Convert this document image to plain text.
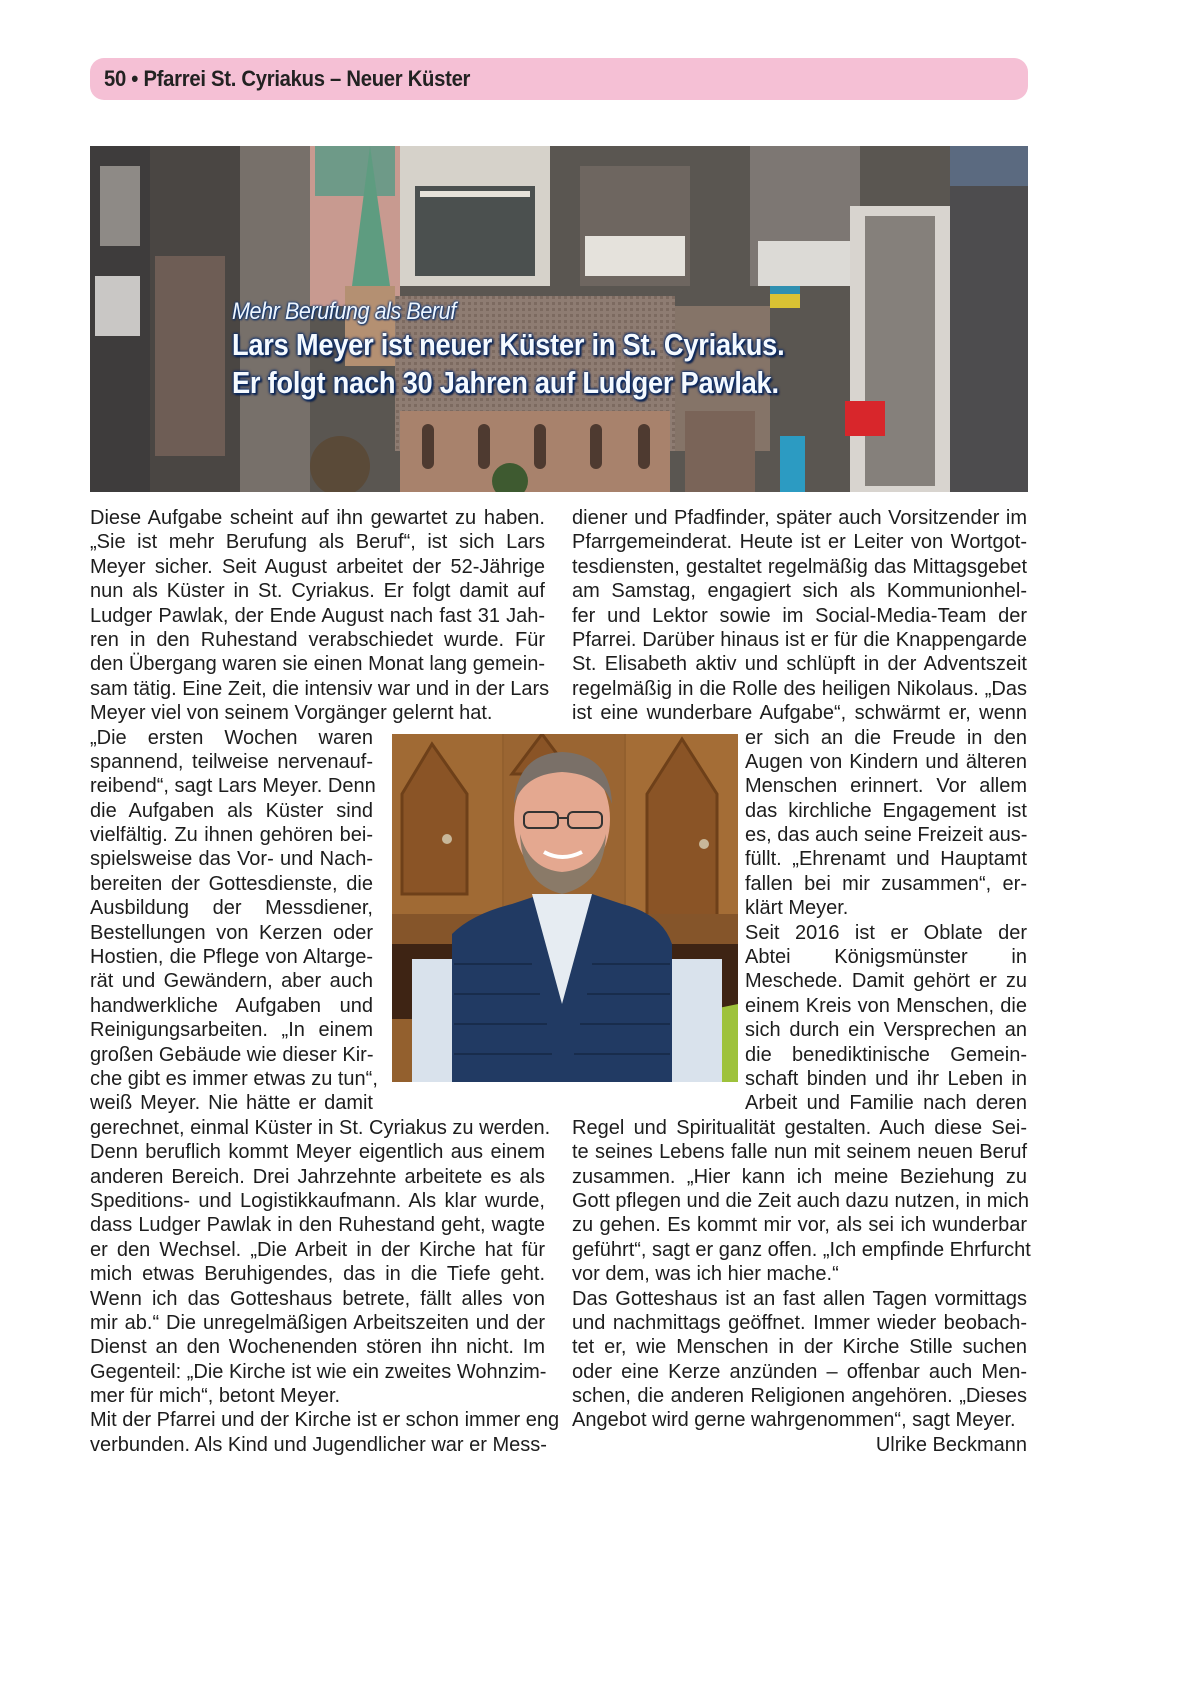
50 • Pfarrei St. Cyriakus – Neuer Küster
Mehr Berufung als Beruf
Lars Meyer ist neuer Küster in St. Cyriakus.
Er folgt nach 30 Jahren auf Ludger Pawlak.
Diese Aufgabe scheint auf ihn gewartet zu haben.
„Sie ist mehr Berufung als Beruf“, ist sich Lars
Meyer sicher. Seit August arbeitet der 52-Jährige
nun als Küster in St. Cyriakus. Er folgt damit auf
Ludger Pawlak, der Ende August nach fast 31 Jah-
ren in den Ruhestand verabschiedet wurde. Für
den Übergang waren sie einen Monat lang gemein-
sam tätig. Eine Zeit, die intensiv war und in der Lars
Meyer viel von seinem Vorgänger gelernt hat.
„Die ersten Wochen waren
spannend, teilweise nervenauf-
reibend“, sagt Lars Meyer. Denn
die Aufgaben als Küster sind
vielfältig. Zu ihnen gehören bei-
spielsweise das Vor- und Nach-
bereiten der Gottesdienste, die
Ausbildung der Messdiener,
Bestellungen von Kerzen oder
Hostien, die Pflege von Altarge-
rät und Gewändern, aber auch
handwerkliche Aufgaben und
Reinigungsarbeiten. „In einem
großen Gebäude wie dieser Kir-
che gibt es immer etwas zu tun“,
weiß Meyer. Nie hätte er damit
gerechnet, einmal Küster in St. Cyriakus zu werden.
Denn beruflich kommt Meyer eigentlich aus einem
anderen Bereich. Drei Jahrzehnte arbeitete es als
Speditions- und Logistikkaufmann. Als klar wurde,
dass Ludger Pawlak in den Ruhestand geht, wagte
er den Wechsel. „Die Arbeit in der Kirche hat für
mich etwas Beruhigendes, das in die Tiefe geht.
Wenn ich das Gotteshaus betrete, fällt alles von
mir ab.“ Die unregelmäßigen Arbeitszeiten und der
Dienst an den Wochenenden stören ihn nicht. Im
Gegenteil: „Die Kirche ist wie ein zweites Wohnzim-
mer für mich“, betont Meyer.
Mit der Pfarrei und der Kirche ist er schon immer eng
verbunden. Als Kind und Jugendlicher war er Mess-
diener und Pfadfinder, später auch Vorsitzender im
Pfarrgemeinderat. Heute ist er Leiter von Wortgot-
tesdiensten, gestaltet regelmäßig das Mittagsgebet
am Samstag, engagiert sich als Kommunionhel-
fer und Lektor sowie im Social-Media-Team der
Pfarrei. Darüber hinaus ist er für die Knappengarde
St. Elisabeth aktiv und schlüpft in der Adventszeit
regelmäßig in die Rolle des heiligen Nikolaus. „Das
ist eine wunderbare Aufgabe“, schwärmt er, wenn
er sich an die Freude in den
Augen von Kindern und älteren
Menschen erinnert. Vor allem
das kirchliche Engagement ist
es, das auch seine Freizeit aus-
füllt. „Ehrenamt und Hauptamt
fallen bei mir zusammen“, er-
klärt Meyer.
Seit 2016 ist er Oblate der
Abtei Königsmünster in
Meschede. Damit gehört er zu
einem Kreis von Menschen, die
sich durch ein Versprechen an
die benediktinische Gemein-
schaft binden und ihr Leben in
Arbeit und Familie nach deren
Regel und Spiritualität gestalten. Auch diese Sei-
te seines Lebens falle nun mit seinem neuen Beruf
zusammen. „Hier kann ich meine Beziehung zu
Gott pflegen und die Zeit auch dazu nutzen, in mich
zu gehen. Es kommt mir vor, als sei ich wunderbar
geführt“, sagt er ganz offen. „Ich empfinde Ehrfurcht
vor dem, was ich hier mache.“
Das Gotteshaus ist an fast allen Tagen vormittags
und nachmittags geöffnet. Immer wieder beobach-
tet er, wie Menschen in der Kirche Stille suchen
oder eine Kerze anzünden – offenbar auch Men-
schen, die anderen Religionen angehören. „Dieses
Angebot wird gerne wahrgenommen“, sagt Meyer.
Ulrike Beckmann
